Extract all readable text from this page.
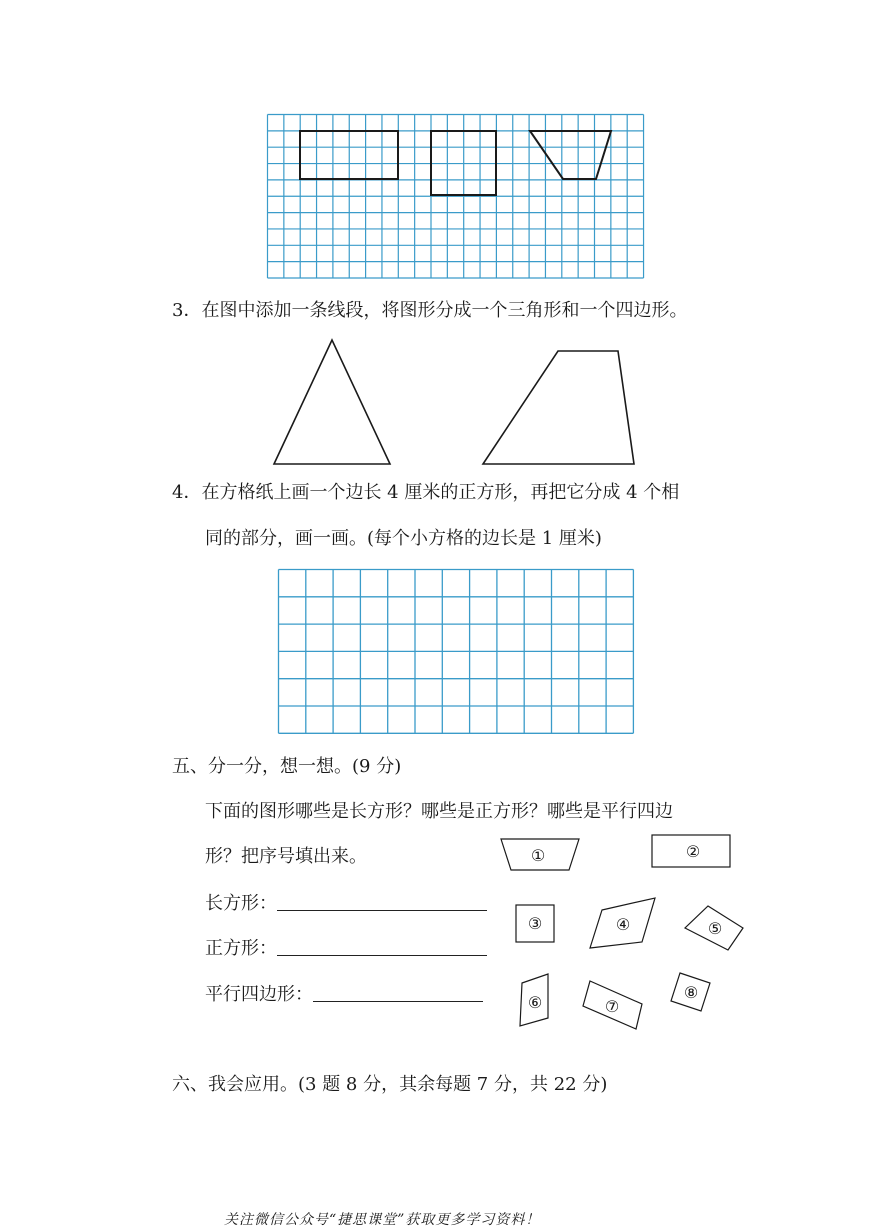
3．在图中添加一条线段，将图形分成一个三角形和一个四边形。
4．在方格纸上画一个边长 4 厘米的正方形，再把它分成 4 个相
同的部分，画一画。(每个小方格的边长是 1 厘米)
五、分一分，想一想。(9 分)
下面的图形哪些是长方形？哪些是正方形？哪些是平行四边
形？把序号填出来。
长方形：
正方形：
平行四边形：
①	②
③	④	⑤
⑥	⑦
⑧
六、我会应用。(3 题 8 分，其余每题 7 分，共 22 分)
关注微信公众号“捷思课堂”获取更多学习资料！
